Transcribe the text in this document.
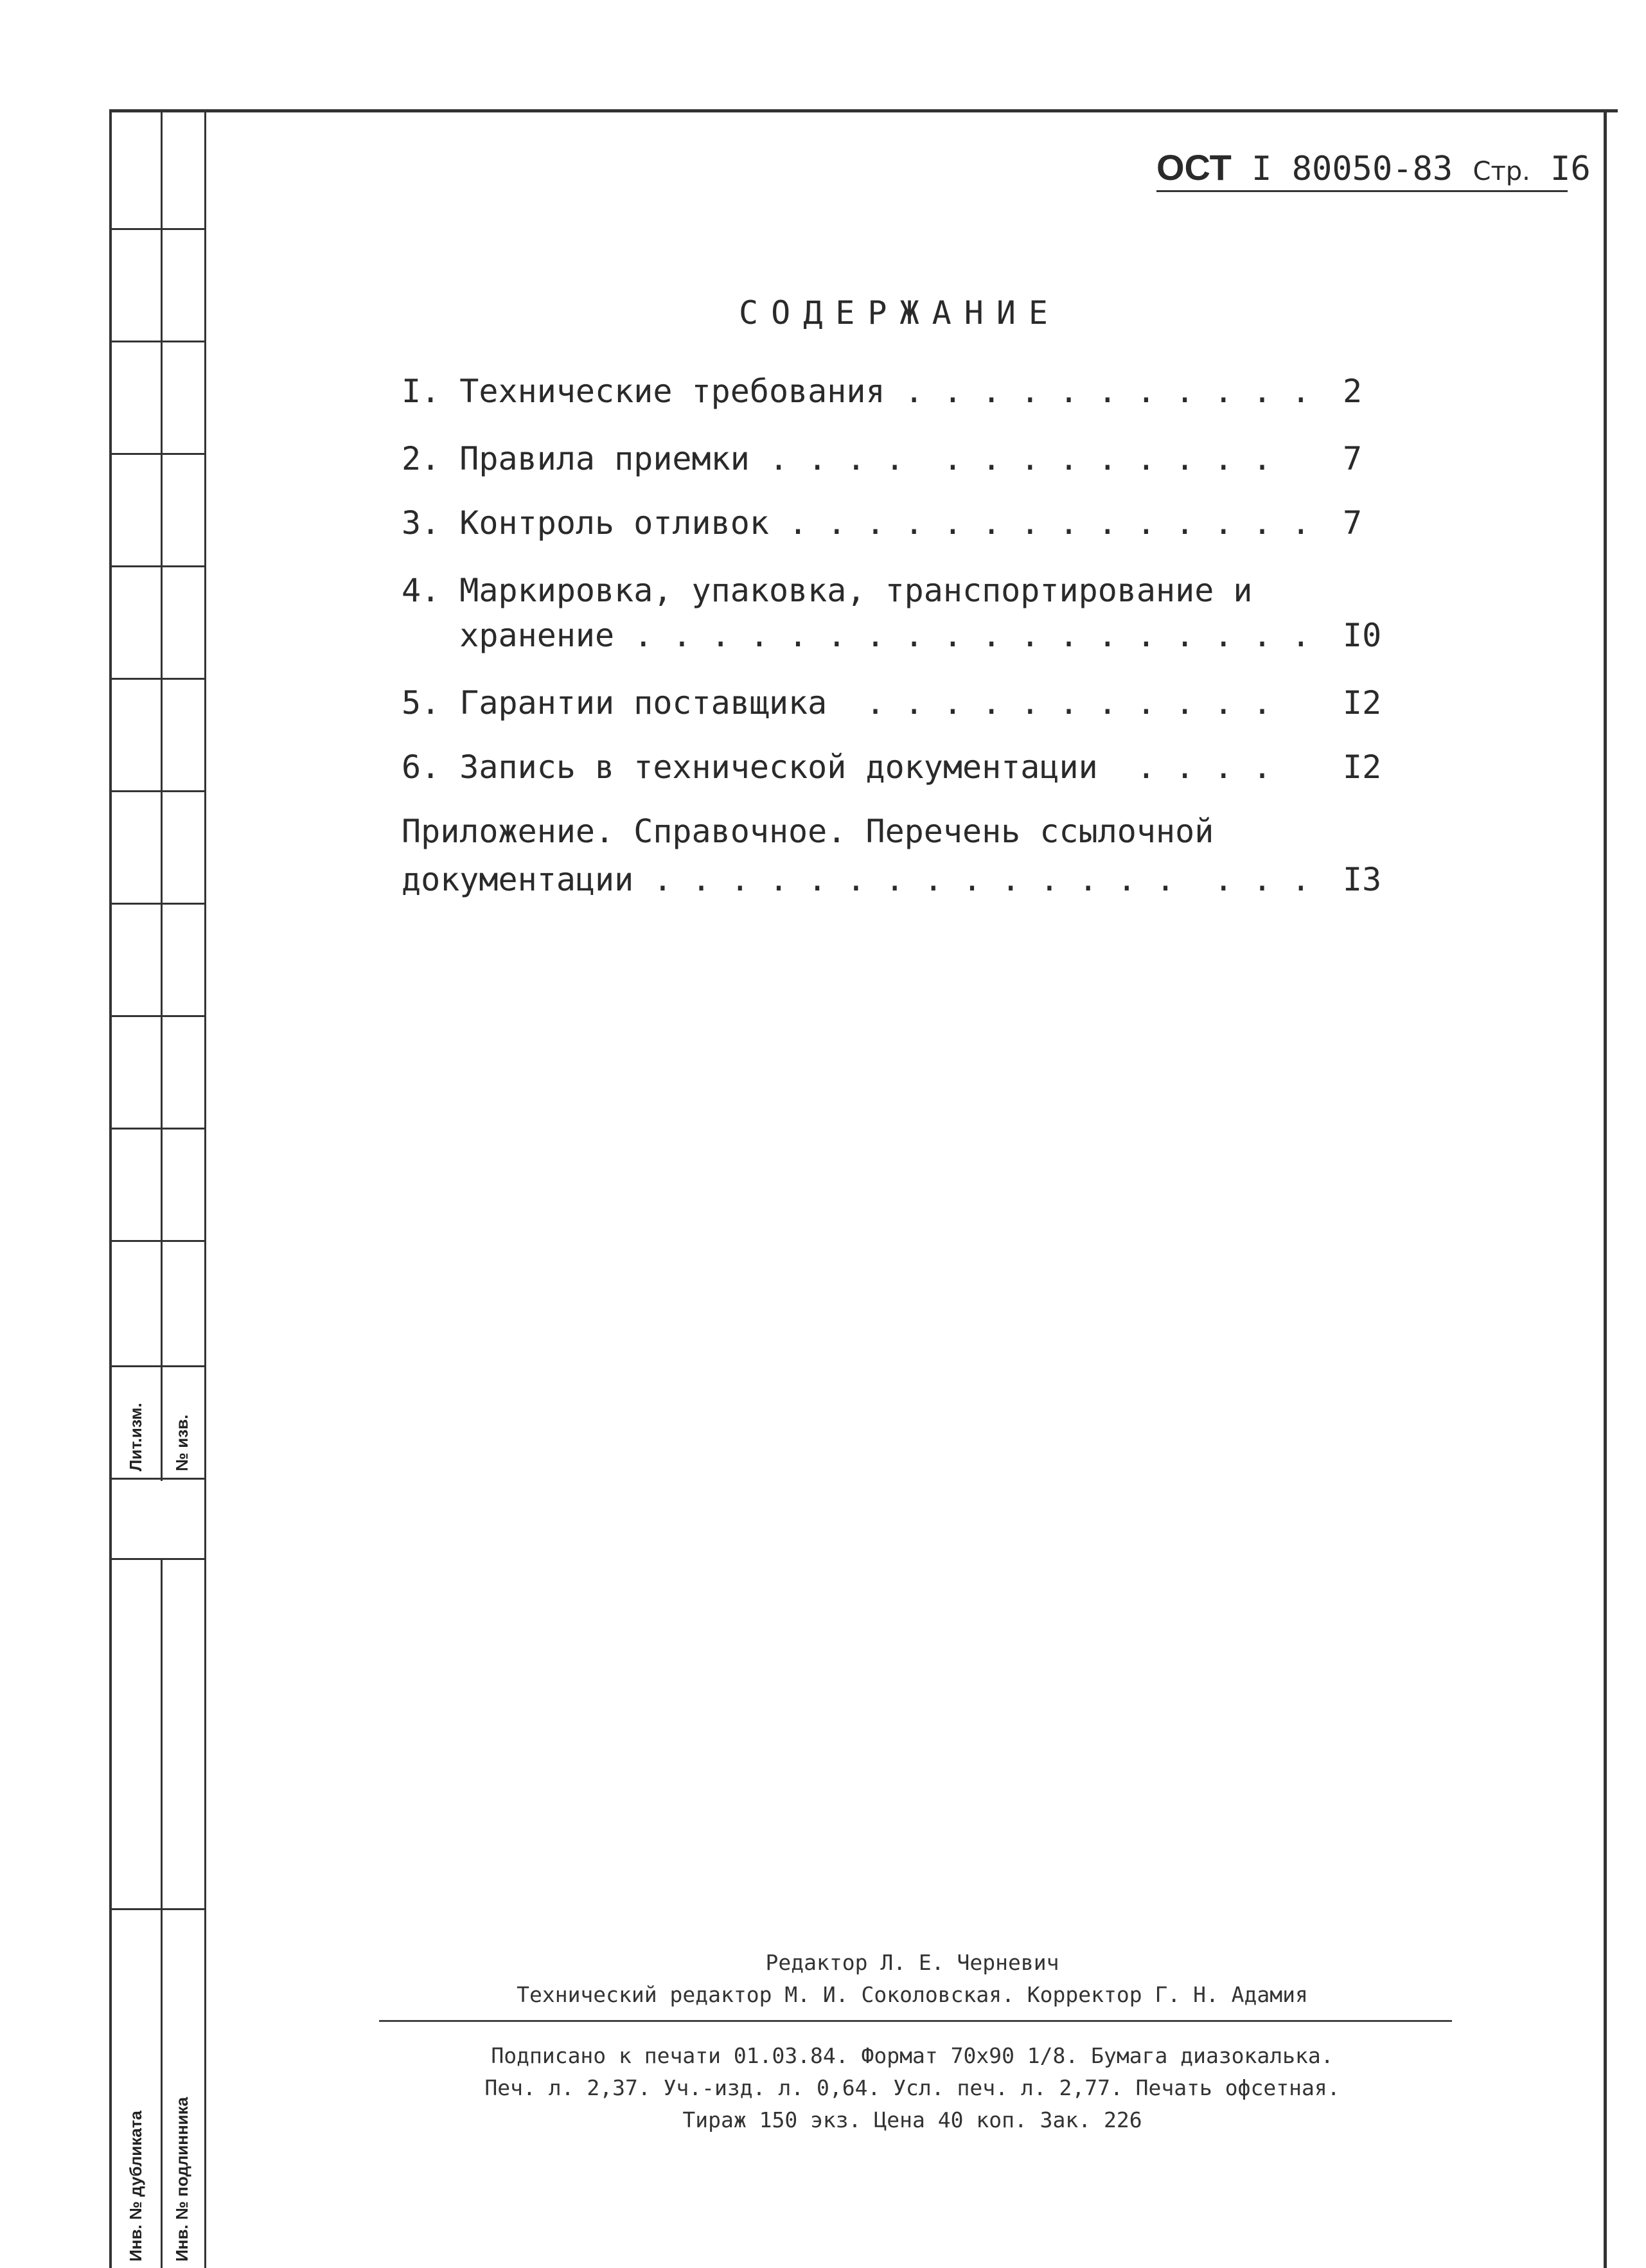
Лит.изм. № изв.
Инв. № дубликата Инв. № подлинника
ОСТ I 80050-83 Стр. I6
СОДЕРЖАНИЕ
I. Технические требования . . . . . . . . . . . 2
2. Правила приемки . . . .  . . . . . . . . . 7
3. Контроль отливок . . . . . . . . . . . . . . 7
4. Маркировка, упаковка, транспортирование и
хранение . . . . . . . . . . . . . . . . . . I0
5. Гарантии поставщика  . . . . . . . . . . . I2
6. Запись в технической документации  . . . . I2
Приложение. Справочное. Перечень ссылочной
документации . . . . . . . . . . . . . .  . . . I3
Редактор Л. Е. Черневич
Технический редактор М. И. Соколовская. Корректор Г. Н. Адамия
Подписано к печати 01.03.84. Формат 70x90 1/8. Бумага диазокалька.
Печ. л. 2,37. Уч.-изд. л. 0,64. Усл. печ. л. 2,77. Печать офсетная.
Тираж 150 экз. Цена 40 коп. Зак. 226
